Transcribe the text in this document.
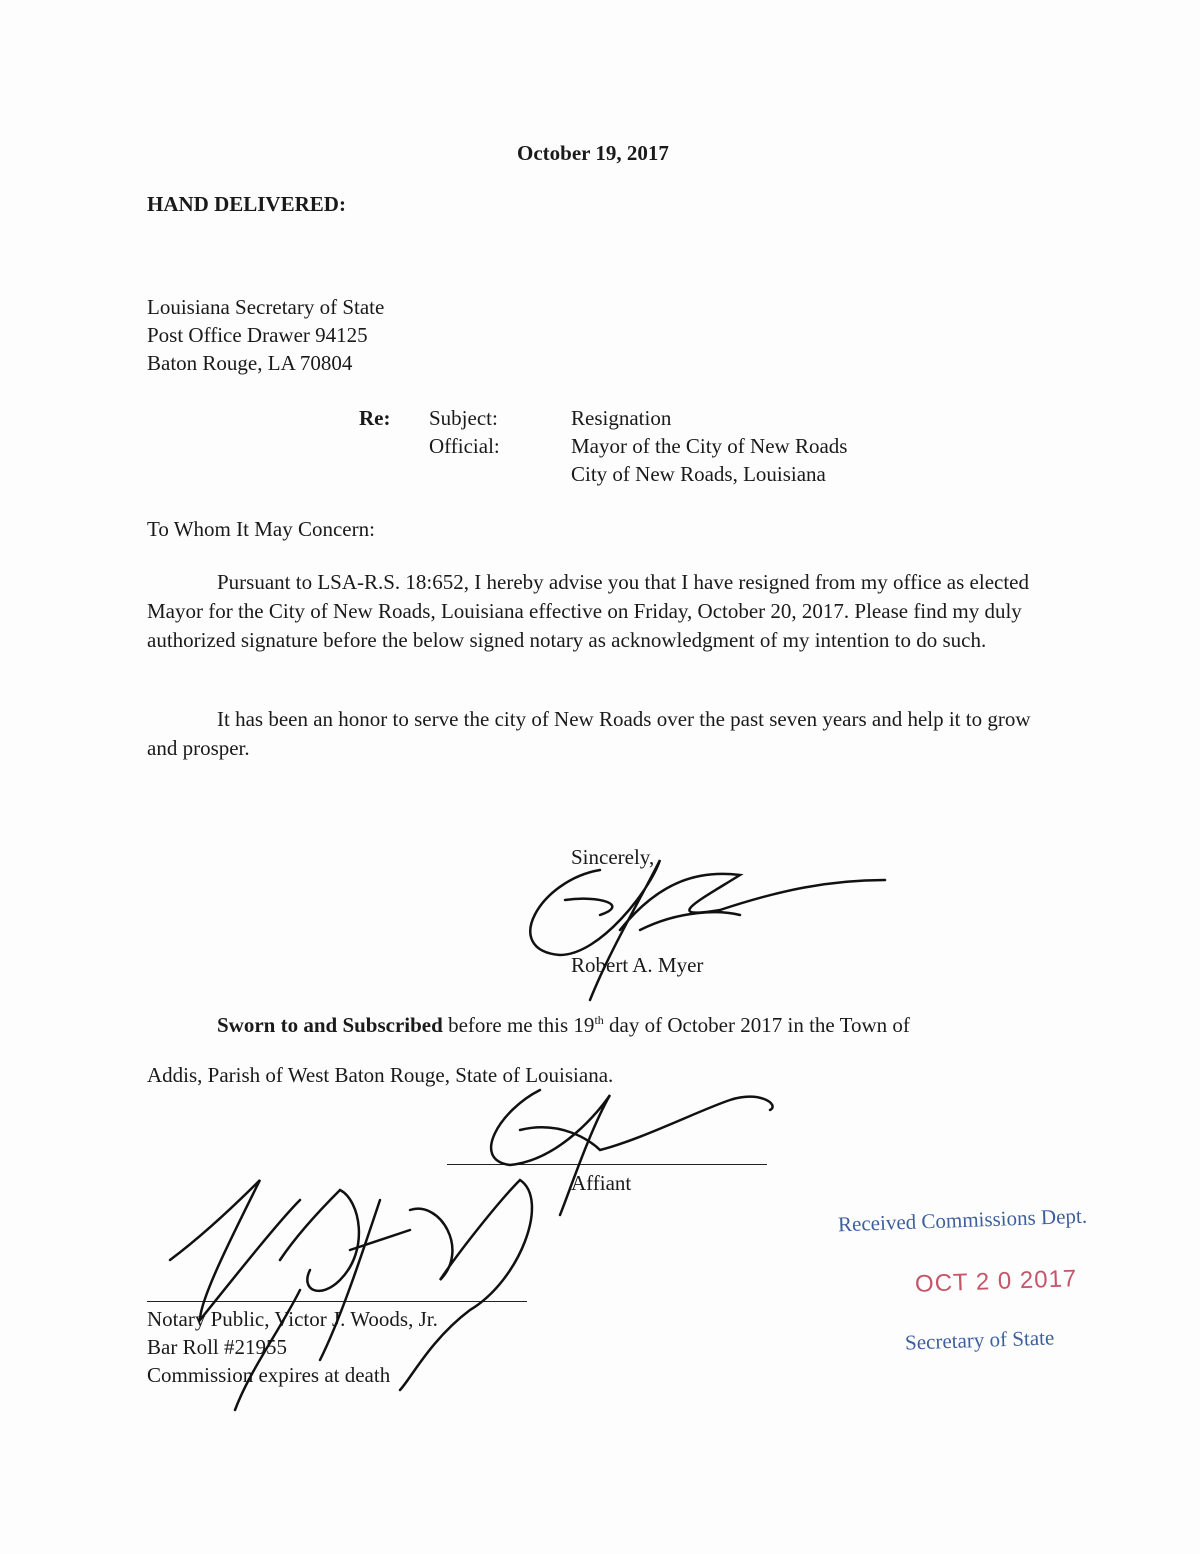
October 19, 2017
HAND DELIVERED:
Louisiana Secretary of State
Post Office Drawer 94125
Baton Rouge, LA 70804
Re: Subject:	Resignation
Official:	Mayor of the City of New Roads
City of New Roads, Louisiana
To Whom It May Concern:
Pursuant to LSA-R.S. 18:652, I hereby advise you that I have resigned from my office as elected Mayor for the City of New Roads, Louisiana effective on Friday, October 20, 2017. Please find my duly authorized signature before the below signed notary as acknowledgment of my intention to do such.
It has been an honor to serve the city of New Roads over the past seven years and help it to grow and prosper.
Sincerely,
Robert A. Myer
Sworn to and Subscribed before me this 19th day of October 2017 in the Town of
Addis, Parish of West Baton Rouge, State of Louisiana.
Affiant
Notary Public, Victor J. Woods, Jr.
Bar Roll #21955
Commission expires at death
Received Commissions Dept.
OCT 2 0 2017
Secretary of State
